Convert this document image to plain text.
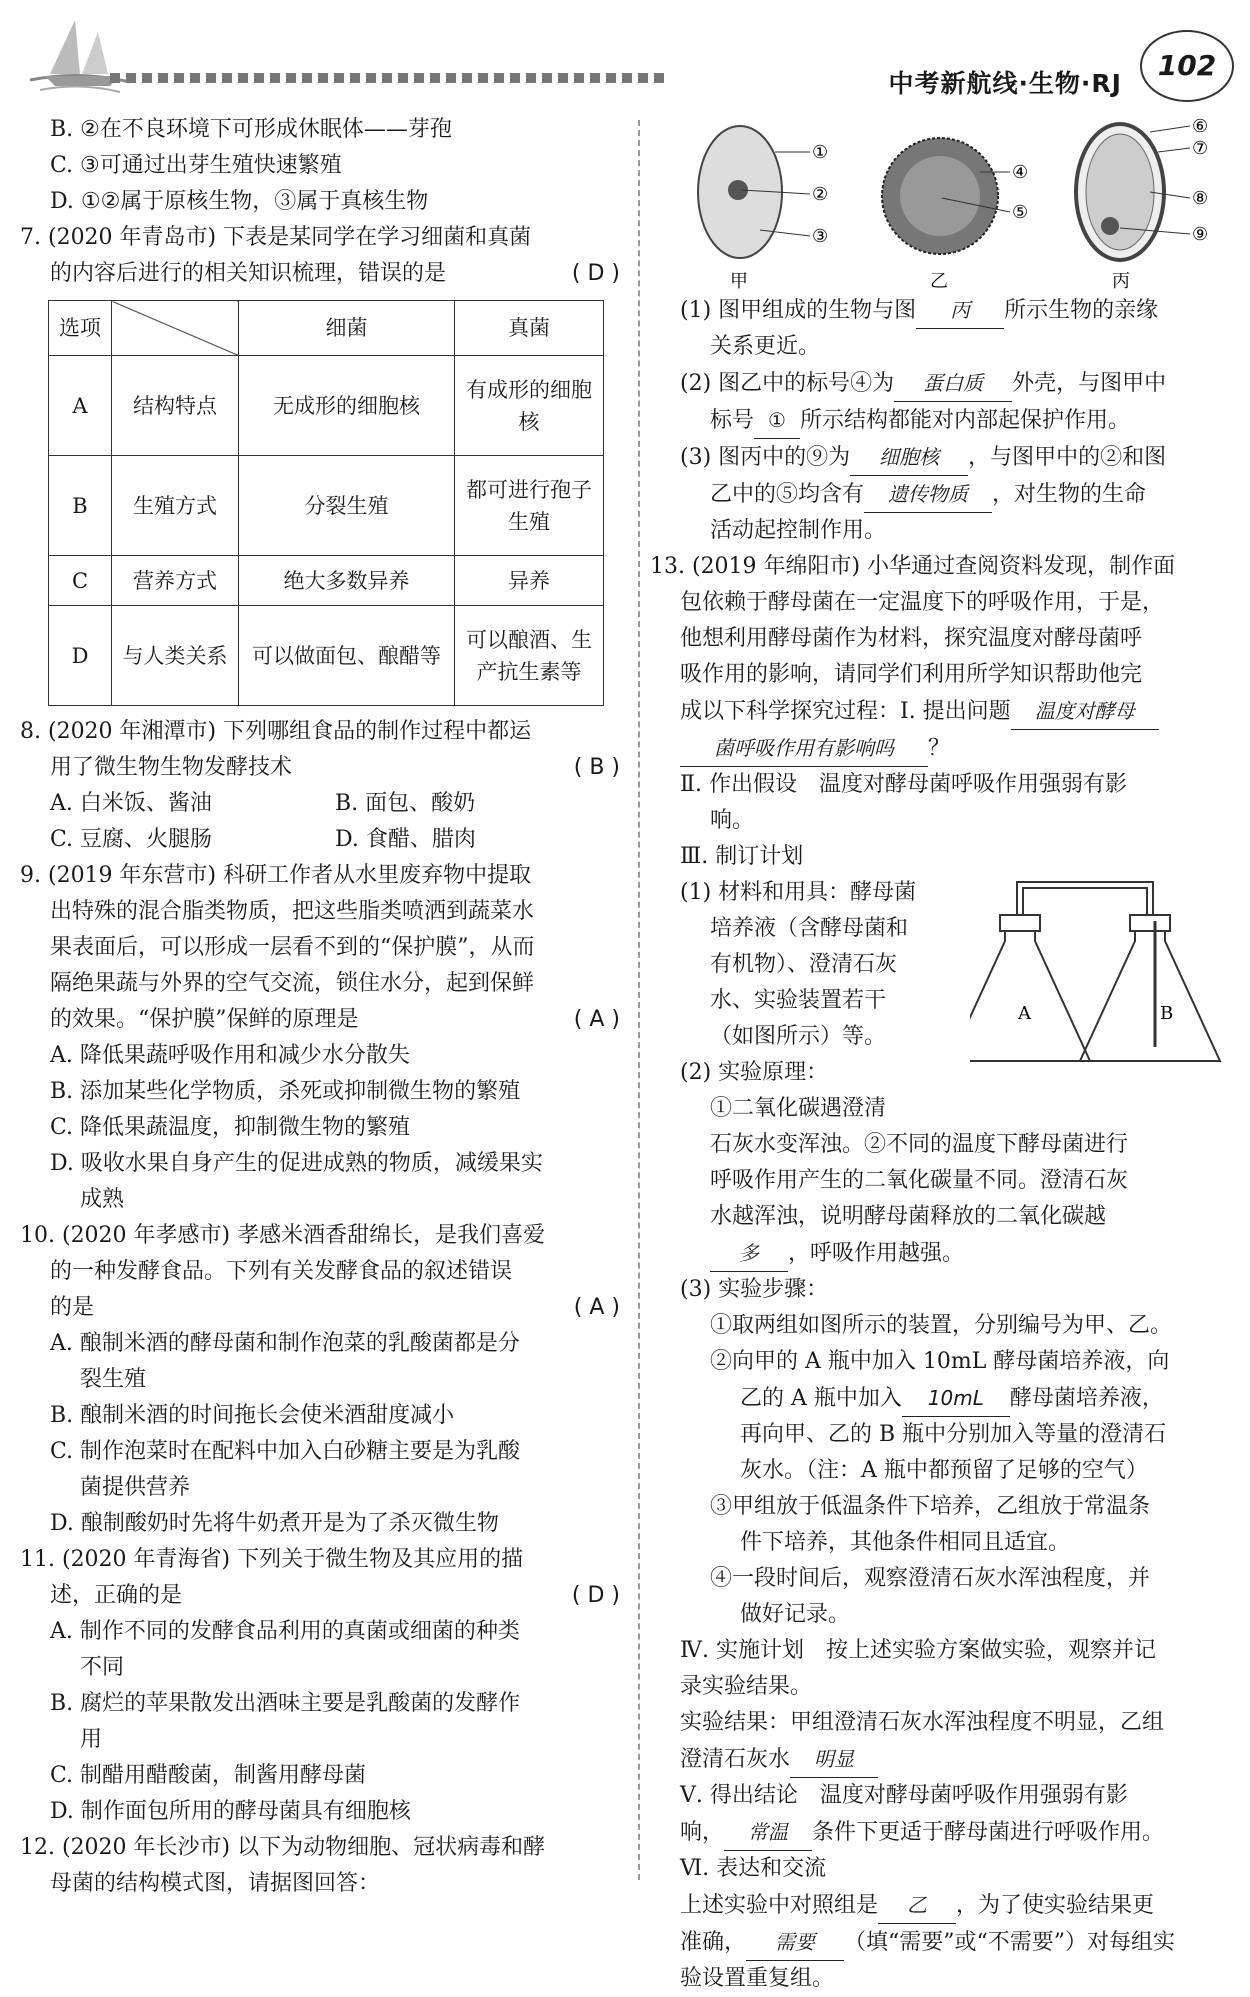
中考新航线·生物·RJ
102

B. ②在不良环境下可形成休眠体——芽孢

C. ③可通过出芽生殖快速繁殖

D. ①②属于原核生物，③属于真核生物

7. (2020 年青岛市) 下表是某同学在学习细菌和真菌

的内容后进行的相关知识梳理，错误的是	( D )

选项		细菌	真菌
A	结构特点	无成形的细胞核	有成形的细胞核
B	生殖方式	分裂生殖	都可进行孢子生殖
C	营养方式	绝大多数异养	异养
D	与人类关系	可以做面包、酿醋等	可以酿酒、生产抗生素等

8. (2020 年湘潭市) 下列哪组食品的制作过程中都运

用了微生物生物发酵技术	( B )

A. 白米饭、酱油	B. 面包、酸奶

C. 豆腐、火腿肠	D. 食醋、腊肉

9. (2019 年东营市) 科研工作者从水里废弃物中提取

出特殊的混合脂类物质，把这些脂类喷洒到蔬菜水

果表面后，可以形成一层看不到的“保护膜”，从而

隔绝果蔬与外界的空气交流，锁住水分，起到保鲜

的效果。“保护膜”保鲜的原理是	( A )

A. 降低果蔬呼吸作用和减少水分散失

B. 添加某些化学物质，杀死或抑制微生物的繁殖

C. 降低果蔬温度，抑制微生物的繁殖

D. 吸收水果自身产生的促进成熟的物质，减缓果实

成熟

10. (2020 年孝感市) 孝感米酒香甜绵长，是我们喜爱

的一种发酵食品。下列有关发酵食品的叙述错误

的是	( A )

A. 酿制米酒的酵母菌和制作泡菜的乳酸菌都是分

裂生殖

B. 酿制米酒的时间拖长会使米酒甜度减小

C. 制作泡菜时在配料中加入白砂糖主要是为乳酸

菌提供营养

D. 酿制酸奶时先将牛奶煮开是为了杀灭微生物

11. (2020 年青海省) 下列关于微生物及其应用的描

述，正确的是	( D )

A. 制作不同的发酵食品利用的真菌或细菌的种类

不同

B. 腐烂的苹果散发出酒味主要是乳酸菌的发酵作

用

C. 制醋用醋酸菌，制酱用酵母菌

D. 制作面包所用的酵母菌具有细胞核

12. (2020 年长沙市) 以下为动物细胞、冠状病毒和酵

母菌的结构模式图，请据图回答：

①
②
③
④
⑤
⑥
⑦
⑧
⑨
甲	乙	丙

(1) 图甲组成的生物与图 丙 所示生物的亲缘

关系更近。

(2) 图乙中的标号④为 蛋白质 外壳，与图甲中

标号 ① 所示结构都能对内部起保护作用。

(3) 图丙中的⑨为 细胞核 ，与图甲中的②和图

乙中的⑤均含有 遗传物质 ，对生物的生命

活动起控制作用。

13. (2019 年绵阳市) 小华通过查阅资料发现，制作面

包依赖于酵母菌在一定温度下的呼吸作用，于是，

他想利用酵母菌作为材料，探究温度对酵母菌呼

吸作用的影响，请同学们利用所学知识帮助他完

成以下科学探究过程：Ⅰ. 提出问题 温度对酵母

菌呼吸作用有影响吗 ？

Ⅱ. 作出假设　温度对酵母菌呼吸作用强弱有影

响。

Ⅲ. 制订计划

(1) 材料和用具：酵母菌

培养液（含酵母菌和

有机物）、澄清石灰

水、实验装置若干

（如图所示）等。

A	B

(2) 实验原理：

①二氧化碳遇澄清

石灰水变浑浊。②不同的温度下酵母菌进行

呼吸作用产生的二氧化碳量不同。澄清石灰

水越浑浊，说明酵母菌释放的二氧化碳越

多 ，呼吸作用越强。

(3) 实验步骤：

①取两组如图所示的装置，分别编号为甲、乙。

②向甲的 A 瓶中加入 10mL 酵母菌培养液，向

乙的 A 瓶中加入 10mL 酵母菌培养液，

再向甲、乙的 B 瓶中分别加入等量的澄清石

灰水。（注：A 瓶中都预留了足够的空气）

③甲组放于低温条件下培养，乙组放于常温条

件下培养，其他条件相同且适宜。

④一段时间后，观察澄清石灰水浑浊程度，并

做好记录。

Ⅳ. 实施计划　按上述实验方案做实验，观察并记

录实验结果。

实验结果：甲组澄清石灰水浑浊程度不明显，乙组

澄清石灰水 明显

Ⅴ. 得出结论　温度对酵母菌呼吸作用强弱有影

响， 常温 条件下更适于酵母菌进行呼吸作用。

Ⅵ. 表达和交流

上述实验中对照组是 乙 ，为了使实验结果更

准确， 需要 （填“需要”或“不需要”）对每组实

验设置重复组。
